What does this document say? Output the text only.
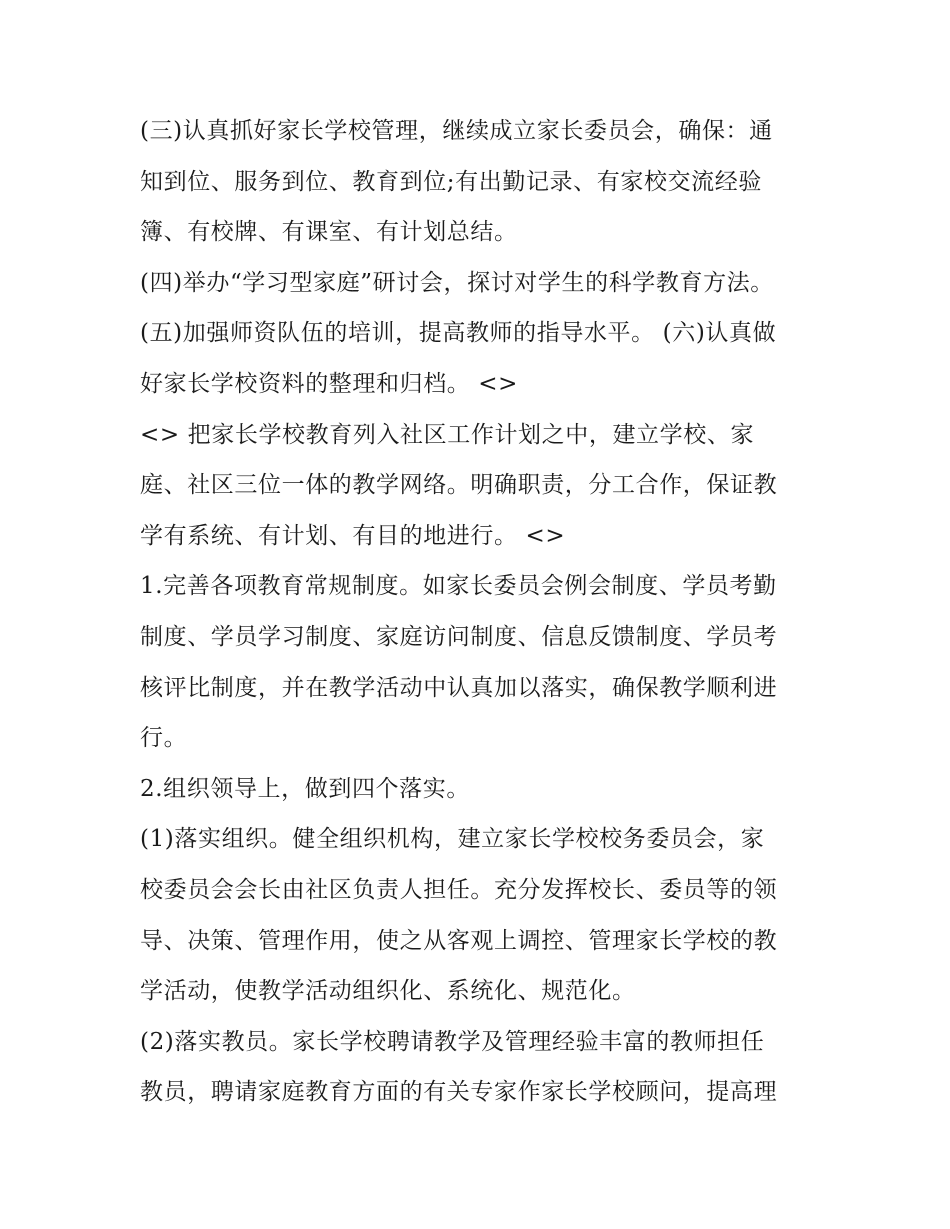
(三)认真抓好家长学校管理，继续成立家长委员会，确保：通
知到位、服务到位、教育到位;有出勤记录、有家校交流经验
簿、有校牌、有课室、有计划总结。
(四)举办“学习型家庭”研讨会，探讨对学生的科学教育方法。
(五)加强师资队伍的培训，提高教师的指导水平。 (六)认真做
好家长学校资料的整理和归档。 <>
<> 把家长学校教育列入社区工作计划之中，建立学校、家
庭、社区三位一体的教学网络。明确职责，分工合作，保证教
学有系统、有计划、有目的地进行。 <>
1.完善各项教育常规制度。如家长委员会例会制度、学员考勤
制度、学员学习制度、家庭访问制度、信息反馈制度、学员考
核评比制度，并在教学活动中认真加以落实，确保教学顺利进
行。
2.组织领导上，做到四个落实。
(1)落实组织。健全组织机构，建立家长学校校务委员会，家
校委员会会长由社区负责人担任。充分发挥校长、委员等的领
导、决策、管理作用，使之从客观上调控、管理家长学校的教
学活动，使教学活动组织化、系统化、规范化。
(2)落实教员。家长学校聘请教学及管理经验丰富的教师担任
教员，聘请家庭教育方面的有关专家作家长学校顾问，提高理
